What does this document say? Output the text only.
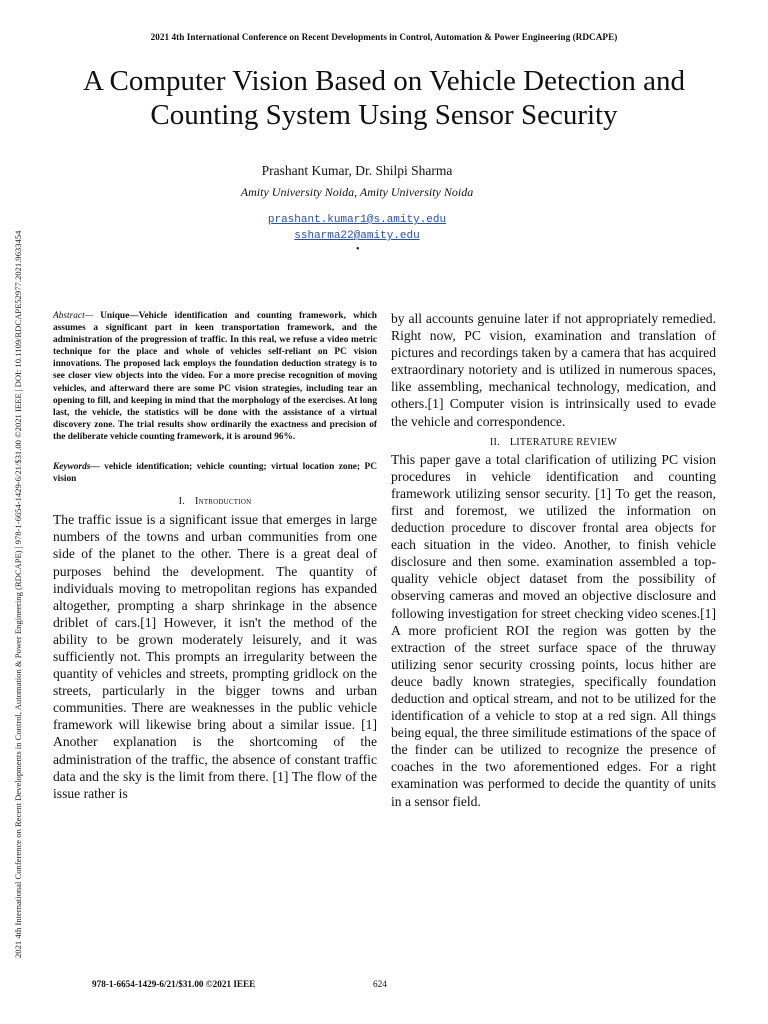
2021 4th International Conference on Recent Developments in Control, Automation & Power Engineering (RDCAPE)
2021 4th International Conference on Recent Developments in Control, Automation & Power Engineering (RDCAPE) | 978-1-6654-1429-6/21/$31.00 ©2021 IEEE | DOI: 10.1109/RDCAPE52977.2021.9633454
A Computer Vision Based on Vehicle Detection and
Counting System Using Sensor Security
Prashant Kumar, Dr. Shilpi Sharma
Amity University Noida, Amity University Noida
prashant.kumar1@s.amity.edu
ssharma22@amity.edu
•

Abstract— Unique—Vehicle identification and counting framework, which assumes a significant part in keen transportation framework, and the administration of the progression of traffic. In this real, we refuse a video metric technique for the place and whole of vehicles self-reliant on PC vision innovations. The proposed lack employs the foundation deduction strategy is to see closer view objects into the video. For a more precise recognition of moving vehicles, and afterward there are some PC vision strategies, including tear an opening to fill, and keeping in mind that the morphology of the exercises. At long last, the vehicle, the statistics will be done with the assistance of a virtual discovery zone. The trial results show ordinarily the exactness and precision of the deliberate vehicle counting framework, it is around 96%.

Keywords— vehicle identification; vehicle counting; virtual location zone; PC vision

I. Introduction

The traffic issue is a significant issue that emerges in large numbers of the towns and urban communities from one side of the planet to the other. There is a great deal of purposes behind the development. The quantity of individuals moving to metropolitan regions has expanded altogether, prompting a sharp shrinkage in the absence driblet of cars.[1] However, it isn't the method of the ability to be grown moderately leisurely, and it was sufficiently not. This prompts an irregularity between the quantity of vehicles and streets, prompting gridlock on the streets, particularly in the bigger towns and urban communities. There are weaknesses in the public vehicle framework will likewise bring about a similar issue. [1] Another explanation is the shortcoming of the administration of the traffic, the absence of constant traffic data and the sky is the limit from there. [1] The flow of the issue rather is

by all accounts genuine later if not appropriately remedied. Right now, PC vision, examination and translation of pictures and recordings taken by a camera that has acquired extraordinary notoriety and is utilized in numerous spaces, like assembling, mechanical technology, medication, and others.[1] Computer vision is intrinsically used to evade the vehicle and correspondence.

II. LITERATURE REVIEW

This paper gave a total clarification of utilizing PC vision procedures in vehicle identification and counting framework utilizing sensor security. [1] To get the reason, first and foremost, we utilized the information on deduction procedure to discover frontal area objects for each situation in the video. Another, to finish vehicle disclosure and then some. examination assembled a top-quality vehicle object dataset from the possibility of observing cameras and moved an objective disclosure and following investigation for street checking video scenes.[1] A more proficient ROI the region was gotten by the extraction of the street surface space of the thruway utilizing senor security crossing points, locus hither are deuce badly known strategies, specifically foundation deduction and optical stream, and not to be utilized for the identification of a vehicle to stop at a red sign. All things being equal, the three similitude estimations of the space of the finder can be utilized to recognize the presence of coaches in the two aforementioned edges. For a right examination was performed to decide the quantity of units in a sensor field.

978-1-6654-1429-6/21/$31.00 ©2021 IEEE	624
